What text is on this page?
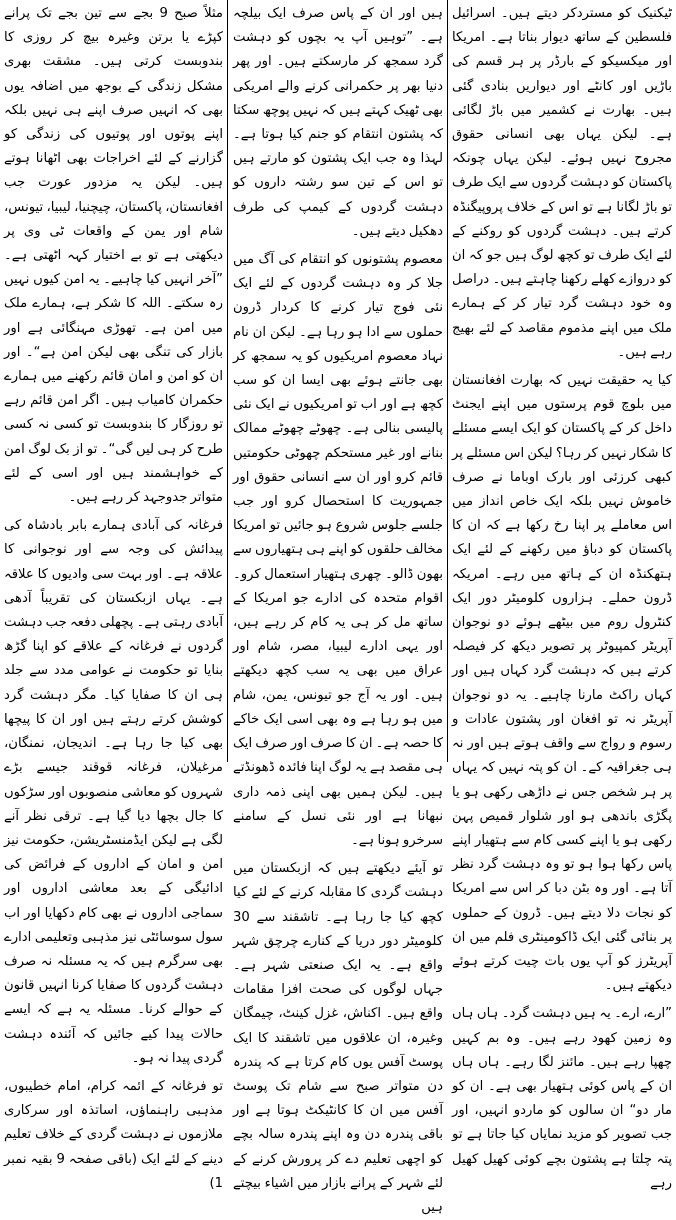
ٹیکنیک کو مستردکر دیتے ہیں۔ اسرائیل فلسطین کے ساتھ دیوار بناتا ہے۔ امریکا اور میکسیکو کے بارڈر پر ہر قسم کی باڑیں اور کانٹے اور دیواریں بنادی گئی ہیں۔ بھارت نے کشمیر میں باڑ لگائی ہے۔ لیکن یہاں بھی انسانی حقوق مجروح نہیں ہوئے۔ لیکن یہاں چونکہ پاکستان کو دہشت گردوں سے ایک طرف تو باڑ لگانا ہے تو اس کے خلاف پروپیگنڈہ کرتے ہیں۔ دہشت گردوں کو روکنے کے لئے ایک طرف تو کچھ لوگ ہیں جو کہ ان کو دروازے کھلے رکھنا چاہتے ہیں۔ دراصل وہ خود دہشت گرد تیار کر کے ہمارے ملک میں اپنے مذموم مقاصد کے لئے بھیج رہے ہیں۔

کیا یہ حقیقت نہیں کہ بھارت افغانستان میں بلوچ قوم پرستوں میں اپنے ایجنٹ داخل کر کے پاکستان کو ایک ایسے مسئلے کا شکار نہیں کر رہا؟ لیکن اس مسئلے پر کبھی کرزئی اور بارک اوباما نے صرف خاموش نہیں بلکہ ایک خاص انداز میں اس معاملے پر اپنا رخ رکھا ہے کہ ان کا پاکستان کو دباؤ میں رکھنے کے لئے ایک ہتھکنڈہ ان کے ہاتھ میں رہے۔ امریکہ ڈرون حملے۔ ہزاروں کلومیٹر دور ایک کنٹرول روم میں بیٹھے ہوئے دو نوجوان آپریٹر کمپیوٹر پر تصویر دیکھ کر فیصلہ کرتے ہیں کہ دہشت گرد کہاں ہیں اور کہاں راکٹ مارنا چاہیے۔ یہ دو نوجوان آپریٹر نہ تو افغان اور پشتون عادات و رسوم و رواج سے واقف ہوتے ہیں اور نہ ہی جغرافیہ کے۔ ان کو پتہ نہیں کہ یہاں پر ہر شخص جس نے داڑھی رکھی ہو یا پگڑی باندھی ہو اور شلوار قمیص پہن رکھی ہو یا اپنے کسی کام سے ہتھیار اپنے پاس رکھا ہوا ہو تو وہ دہشت گرد نظر آتا ہے۔ اور وہ بٹن دبا کر اس سے امریکا کو نجات دلا دیتے ہیں۔ ڈرون کے حملوں پر بنائی گئی ایک ڈاکومینٹری فلم میں ان آپریٹرز کو آپ یوں بات چیت کرتے ہوئے دیکھتے ہیں۔

”ارے، ارے۔ یہ ہیں دہشت گرد۔ ہاں ہاں وہ زمین کھود رہے ہیں۔ وہ بم کہیں چھپا رہے ہیں۔ مائنز لگا رہے۔ ہاں ہاں ان کے پاس کوئی ہتھیار بھی ہے۔ ان کو مار دو“ ان سالوں کو ماردو انہیں، اور جب تصویر کو مزید نمایاں کیا جاتا ہے تو پتہ چلتا ہے پشتون بچے کوئی کھیل کھیل رہے

ہیں اور ان کے پاس صرف ایک بیلچہ ہے۔ ”توہیں آپ یہ بچوں کو دہشت گرد سمجھ کر مارسکتے ہیں۔ اور پھر دنیا بھر پر حکمرانی کرنے والے امریکی بھی ٹھیک کہتے ہیں کہ نہیں پوچھ سکتا کہ پشتون انتقام کو جنم کیا ہوتا ہے۔ لہذا وہ جب ایک پشتون کو مارتے ہیں تو اس کے تین سو رشتہ داروں کو دہشت گردوں کے کیمپ کی طرف دھکیل دیتے ہیں۔

معصوم پشتونوں کو انتقام کی آگ میں جلا کر وہ دہشت گردوں کے لئے ایک نئی فوج تیار کرنے کا کردار ڈرون حملوں سے ادا ہو رہا ہے۔ لیکن ان نام نہاد معصوم امریکیوں کو یہ سمجھ کر بھی جانتے ہوئے بھی ایسا ان کو سب کچھ ہے اور اب تو امریکیوں نے ایک نئی پالیسی بنالی ہے۔ چھوٹے چھوٹے ممالک بنانے اور غیر مستحکم چھوٹی حکومتیں قائم کرو اور ان سے انسانی حقوق اور جمہوریت کا استحصال کرو اور جب جلسے جلوس شروع ہو جائیں تو امریکا مخالف حلقوں کو اپنے ہی ہتھیاروں سے بھون ڈالو۔ چھری ہتھیار استعمال کرو۔ اقوام متحدہ کی ادارے جو امریکا کے ساتھ مل کر ہی یہ کام کر رہے ہیں، اور یہی ادارے لیبیا، مصر، شام اور عراق میں بھی یہ سب کچھ دیکھتے ہیں۔ اور یہ آج جو تیونس، یمن، شام میں ہو رہا ہے وہ بھی اسی ایک خاکے کا حصہ ہے۔ ان کا صرف اور صرف ایک ہی مقصد ہے یہ لوگ اپنا فائدہ ڈھونڈتے ہیں۔ لیکن ہمیں بھی اپنی ذمہ داری نبھانا ہے اور نئی نسل کے سامنے سرخرو ہونا ہے۔

تو آیئے دیکھتے ہیں کہ ازبکستان میں دہشت گردی کا مقابلہ کرنے کے لئے کیا کچھ کیا جا رہا ہے۔ تاشقند سے 30 کلومیٹر دور دریا کے کنارے چرچق شہر واقع ہے۔ یہ ایک صنعتی شہر ہے۔ جہاں لوگوں کی صحت افزا مقامات واقع ہیں۔ اکناش، غزل کینٹ، چیمگان وغیرہ، ان علاقوں میں تاشقند کا ایک پوسٹ آفس یوں کام کرتا ہے کہ پندرہ دن متواتر صبح سے شام تک پوسٹ آفس میں ان کا کانٹیکٹ ہوتا ہے اور باقی پندرہ دن وہ اپنے پندرہ سالہ بچے کو اچھی تعلیم دے کر پرورش کرنے کے لئے شہر کے پرانے بازار میں اشیاء بیچتے ہیں

مثلاً صبح 9 بجے سے تین بجے تک پرانے کپڑے یا برتن وغیرہ بیچ کر روزی کا بندوبست کرتی ہیں۔ مشقت بھری مشکل زندگی کے بوجھ میں اضافہ یوں بھی کہ انہیں صرف اپنے ہی نہیں بلکہ اپنے پوتوں اور پوتیوں کی زندگی کو گزارنے کے لئے اخراجات بھی اٹھانا ہوتے ہیں۔ لیکن یہ مزدور عورت جب افغانستان، پاکستان، چیچنیا، لیبیا، تیونس، شام اور یمن کے واقعات ٹی وی پر دیکھتی ہے تو بے اختیار کہہ اٹھتی ہے۔ ”آخر انہیں کیا چاہیے۔ یہ امن کیوں نہیں رہ سکتے۔ اللہ کا شکر ہے، ہمارے ملک میں امن ہے۔ تھوڑی مہنگائی ہے اور بازار کی تنگی بھی لیکن امن ہے“۔ اور ان کو امن و امان قائم رکھنے میں ہمارے حکمران کامیاب ہیں۔ اگر امن قائم رہے تو روزگار کا بندوبست تو کسی نہ کسی طرح کر ہی لیں گی“۔ تو از بک لوگ امن کے خواہشمند ہیں اور اسی کے لئے متواتر جدوجہد کر رہے ہیں۔

فرغانہ کی آبادی ہمارے بابر بادشاہ کی پیدائش کی وجہ سے اور نوجوانی کا علاقہ ہے۔ اور بہت سی وادیوں کا علاقہ ہے۔ یہاں ازبکستان کی تقریباً آدھی آبادی رہتی ہے۔ پچھلی دفعہ جب دہشت گردوں نے فرغانہ کے علاقے کو اپنا گڑھ بنایا تو حکومت نے عوامی مدد سے جلد ہی ان کا صفایا کیا۔ مگر دہشت گرد کوشش کرتے رہتے ہیں اور ان کا پیچھا بھی کیا جا رہا ہے۔ اندیجان، نمنگان، مرغیلان، فرغانہ قوقند جیسے بڑے شہروں کو معاشی منصوبوں اور سڑکوں کا جال بچھا دیا گیا ہے۔ ترقی نظر آنے لگی ہے لیکن ایڈمنسٹریشن، حکومت نیز امن و امان کے اداروں کے فرائض کی ادائیگی کے بعد معاشی اداروں اور سماجی اداروں نے بھی کام دکھایا اور اب سول سوسائٹی نیز مذہبی وتعلیمی ادارے بھی سرگرم ہیں کہ یہ مسئلہ نہ صرف دہشت گردوں کا صفایا کرنا انہیں قانون کے حوالے کرنا۔ مسئلہ یہ ہے کہ ایسے حالات پیدا کیے جائیں کہ آئندہ دہشت گردی پیدا نہ ہو۔

تو فرغانہ کے ائمہ کرام، امام خطیبوں، مذہبی راہنماؤں، اساتذہ اور سرکاری ملازموں نے دہشت گردی کے خلاف تعلیم دینے کے لئے ایک (باقی صفحہ 9 بقیہ نمبر 1)
